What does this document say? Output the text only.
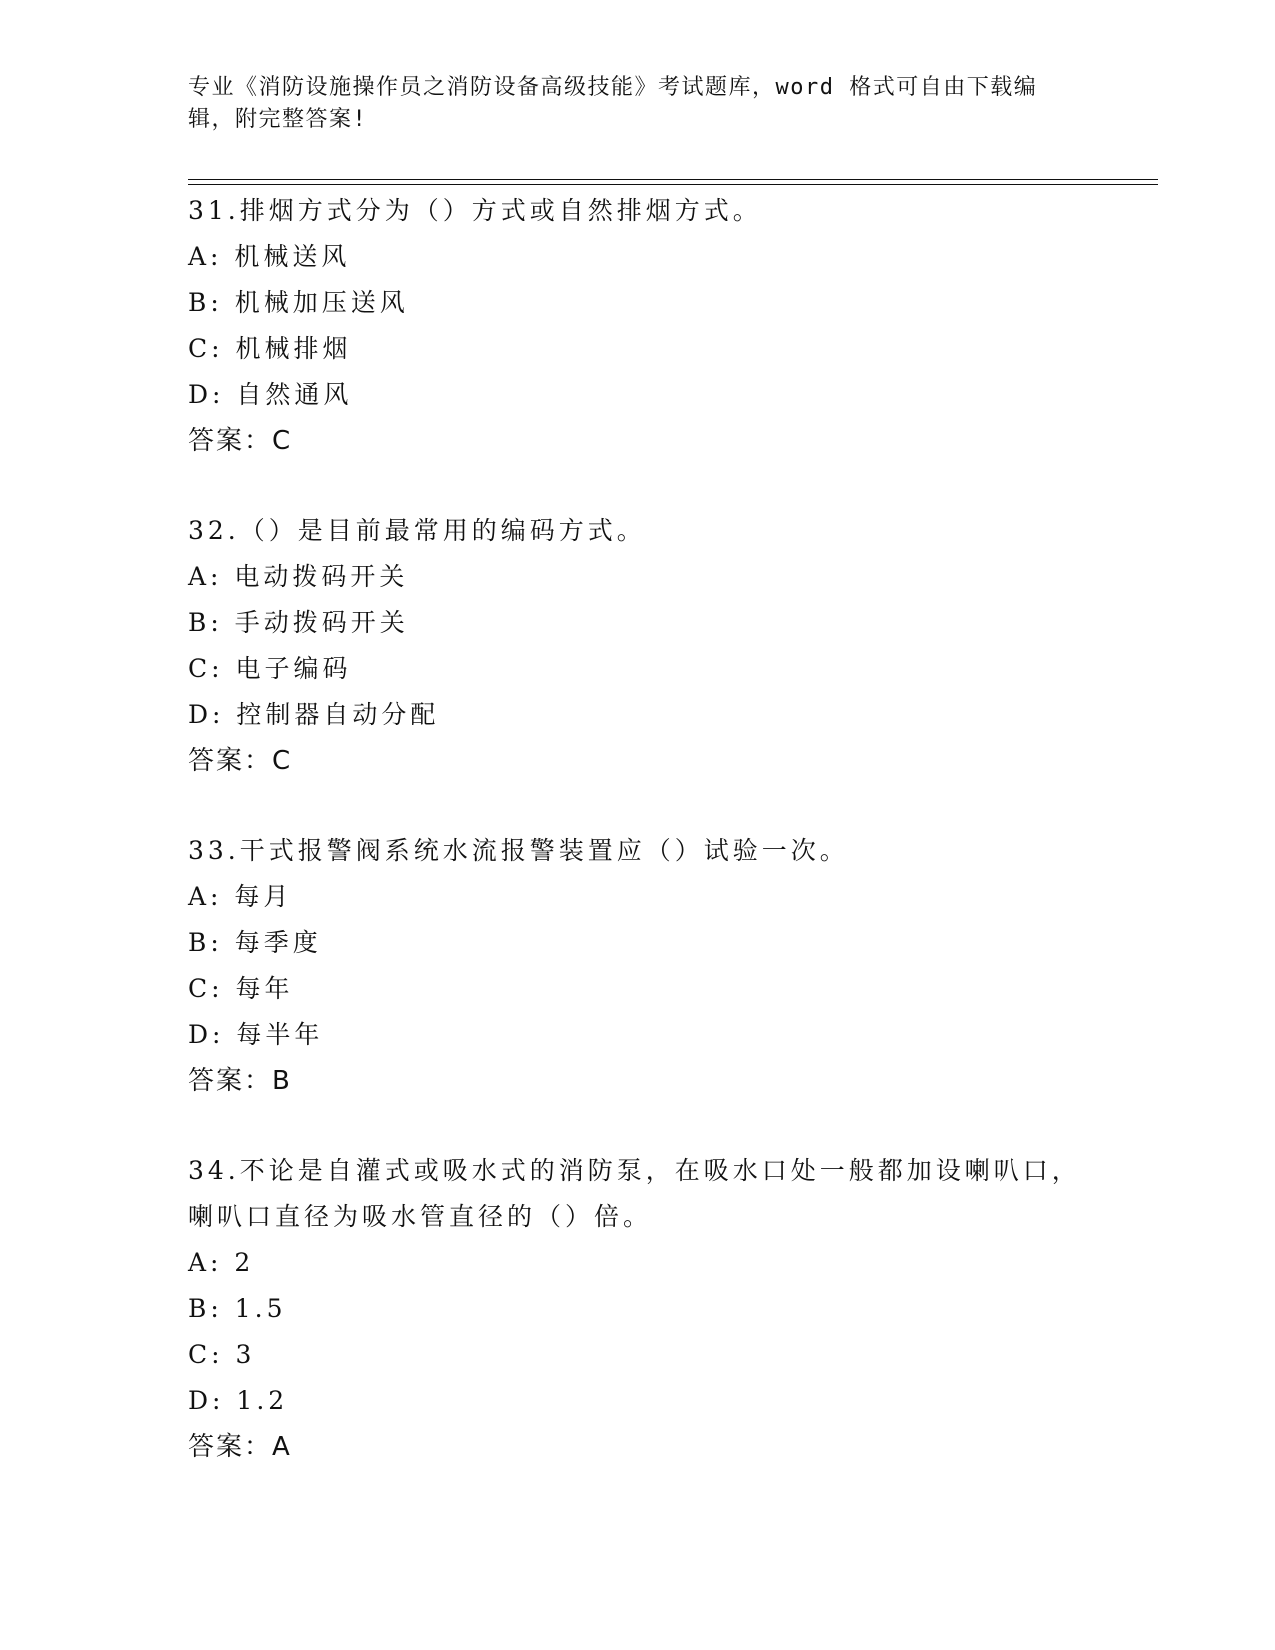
专业《消防设施操作员之消防设备高级技能》考试题库，word 格式可自由下载编
辑，附完整答案!
31.排烟方式分为（）方式或自然排烟方式。
A: 机械送风
B: 机械加压送风
C: 机械排烟
D: 自然通风
答案：C
32.（）是目前最常用的编码方式。
A: 电动拨码开关
B: 手动拨码开关
C: 电子编码
D: 控制器自动分配
答案：C
33.干式报警阀系统水流报警装置应（）试验一次。
A: 每月
B: 每季度
C: 每年
D: 每半年
答案：B
34.不论是自灌式或吸水式的消防泵，在吸水口处一般都加设喇叭口，
喇叭口直径为吸水管直径的（）倍。
A: 2
B: 1.5
C: 3
D: 1.2
答案：A
